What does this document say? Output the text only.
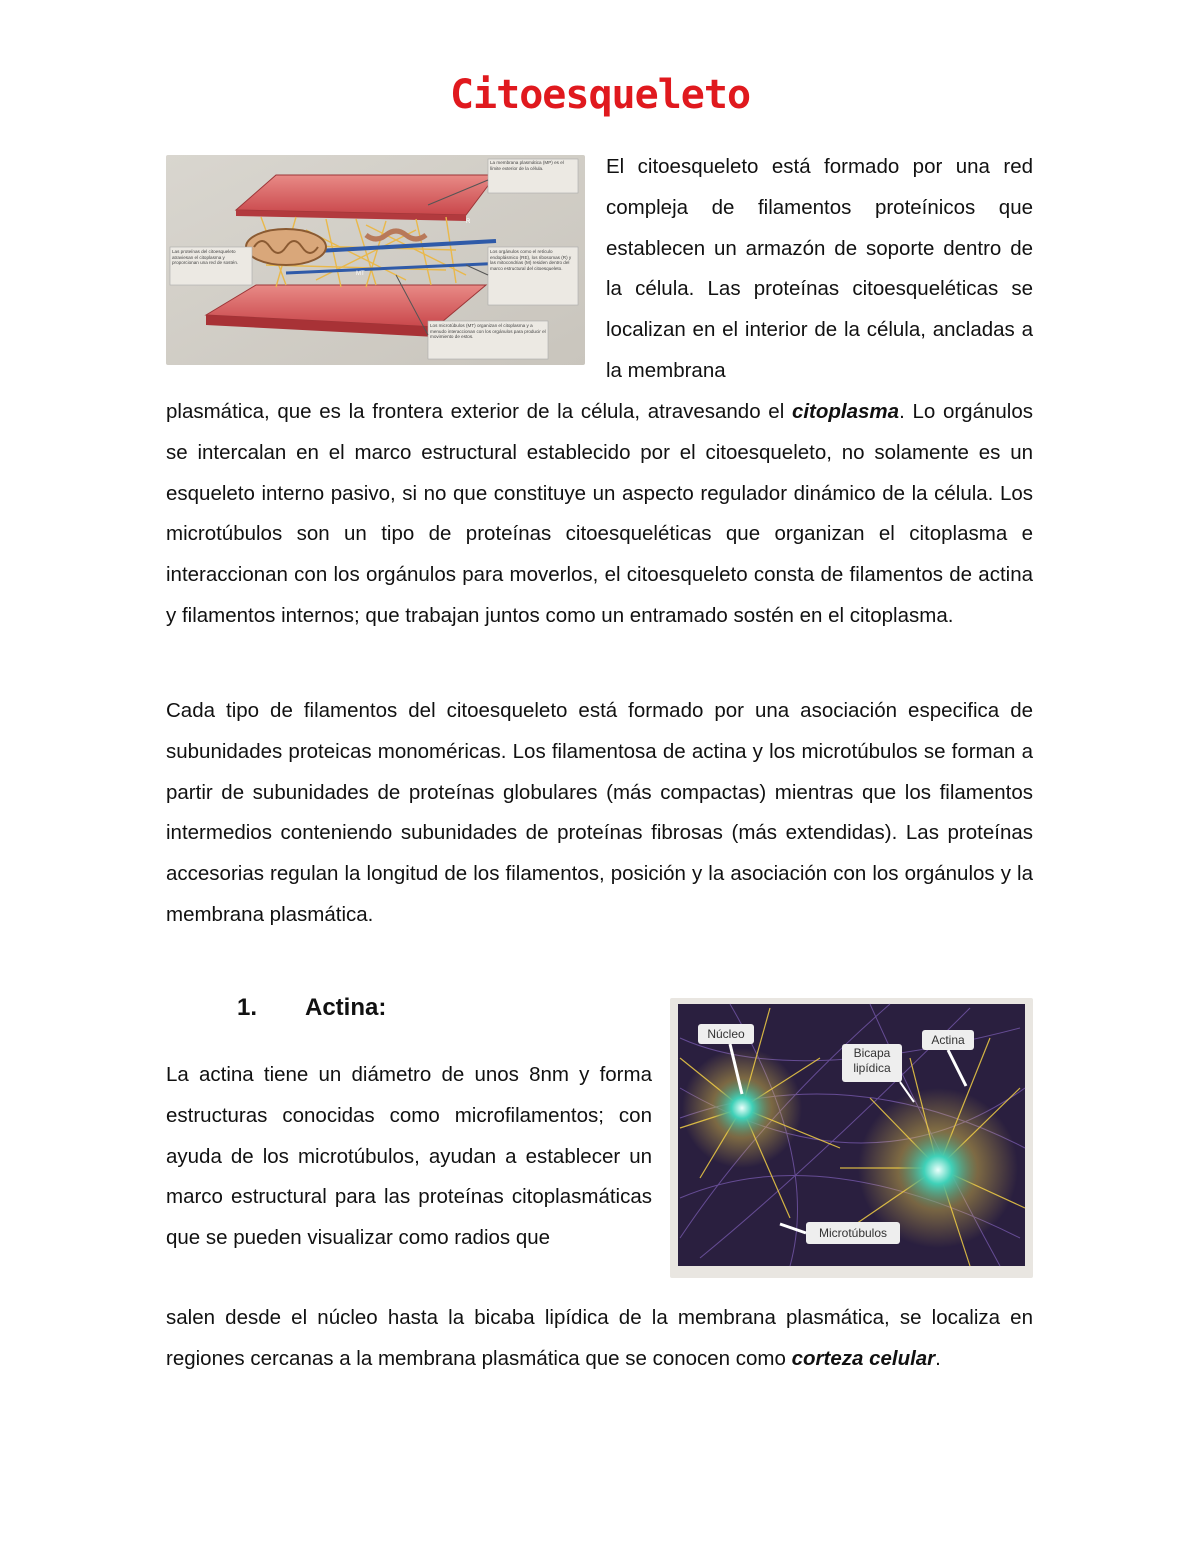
Citoesqueleto
MT
R
La membrana plasmática (MP) es el límite exterior de la célula.
Las proteínas del citoesqueleto atraviesan el citoplasma y proporcionan una red de sostén.
Los orgánulos como el retículo endoplásmico (RE), los ribosomas (R) y las mitocondrias (M) residen dentro del marco estructural del citoesqueleto.
Los microtúbulos (MT) organizan el citoplasma y a menudo interaccionan con los orgánulos para producir el movimiento de estos.

El citoesqueleto está formado por una red compleja de filamentos proteínicos que establecen un armazón de soporte dentro de la célula. Las proteínas citoesqueléticas se localizan en el interior de la célula, ancladas a la membrana

plasmática, que es la frontera exterior de la célula, atravesando el citoplasma. Lo orgánulos se intercalan en el marco estructural establecido por el citoesqueleto, no solamente es un esqueleto interno pasivo, si no que constituye un aspecto regulador dinámico de la célula. Los microtúbulos son un tipo de proteínas citoesqueléticas que organizan el citoplasma e interaccionan con los orgánulos para moverlos, el citoesqueleto consta de filamentos de actina y filamentos internos; que trabajan juntos como un entramado sostén en el citoplasma.

Cada tipo de filamentos del citoesqueleto está formado por una asociación especifica de subunidades proteicas monoméricas. Los filamentosa de actina y los microtúbulos se forman a partir de subunidades de proteínas globulares (más compactas) mientras que los filamentos intermedios conteniendo subunidades de proteínas fibrosas (más extendidas). Las proteínas accesorias regulan la longitud de los filamentos, posición y la asociación con los orgánulos y la membrana plasmática.

1. Actina:

La actina tiene un diámetro de unos 8nm y forma estructuras conocidas como microfilamentos; con ayuda de los microtúbulos, ayudan a establecer un marco estructural para las proteínas citoplasmáticas que se pueden visualizar como radios que

Núcleo	Actina
Bicapa lipídica
Microtúbulos

salen desde el núcleo hasta la bicaba lipídica de la membrana plasmática, se localiza en regiones cercanas a la membrana plasmática que se conocen como corteza celular.
